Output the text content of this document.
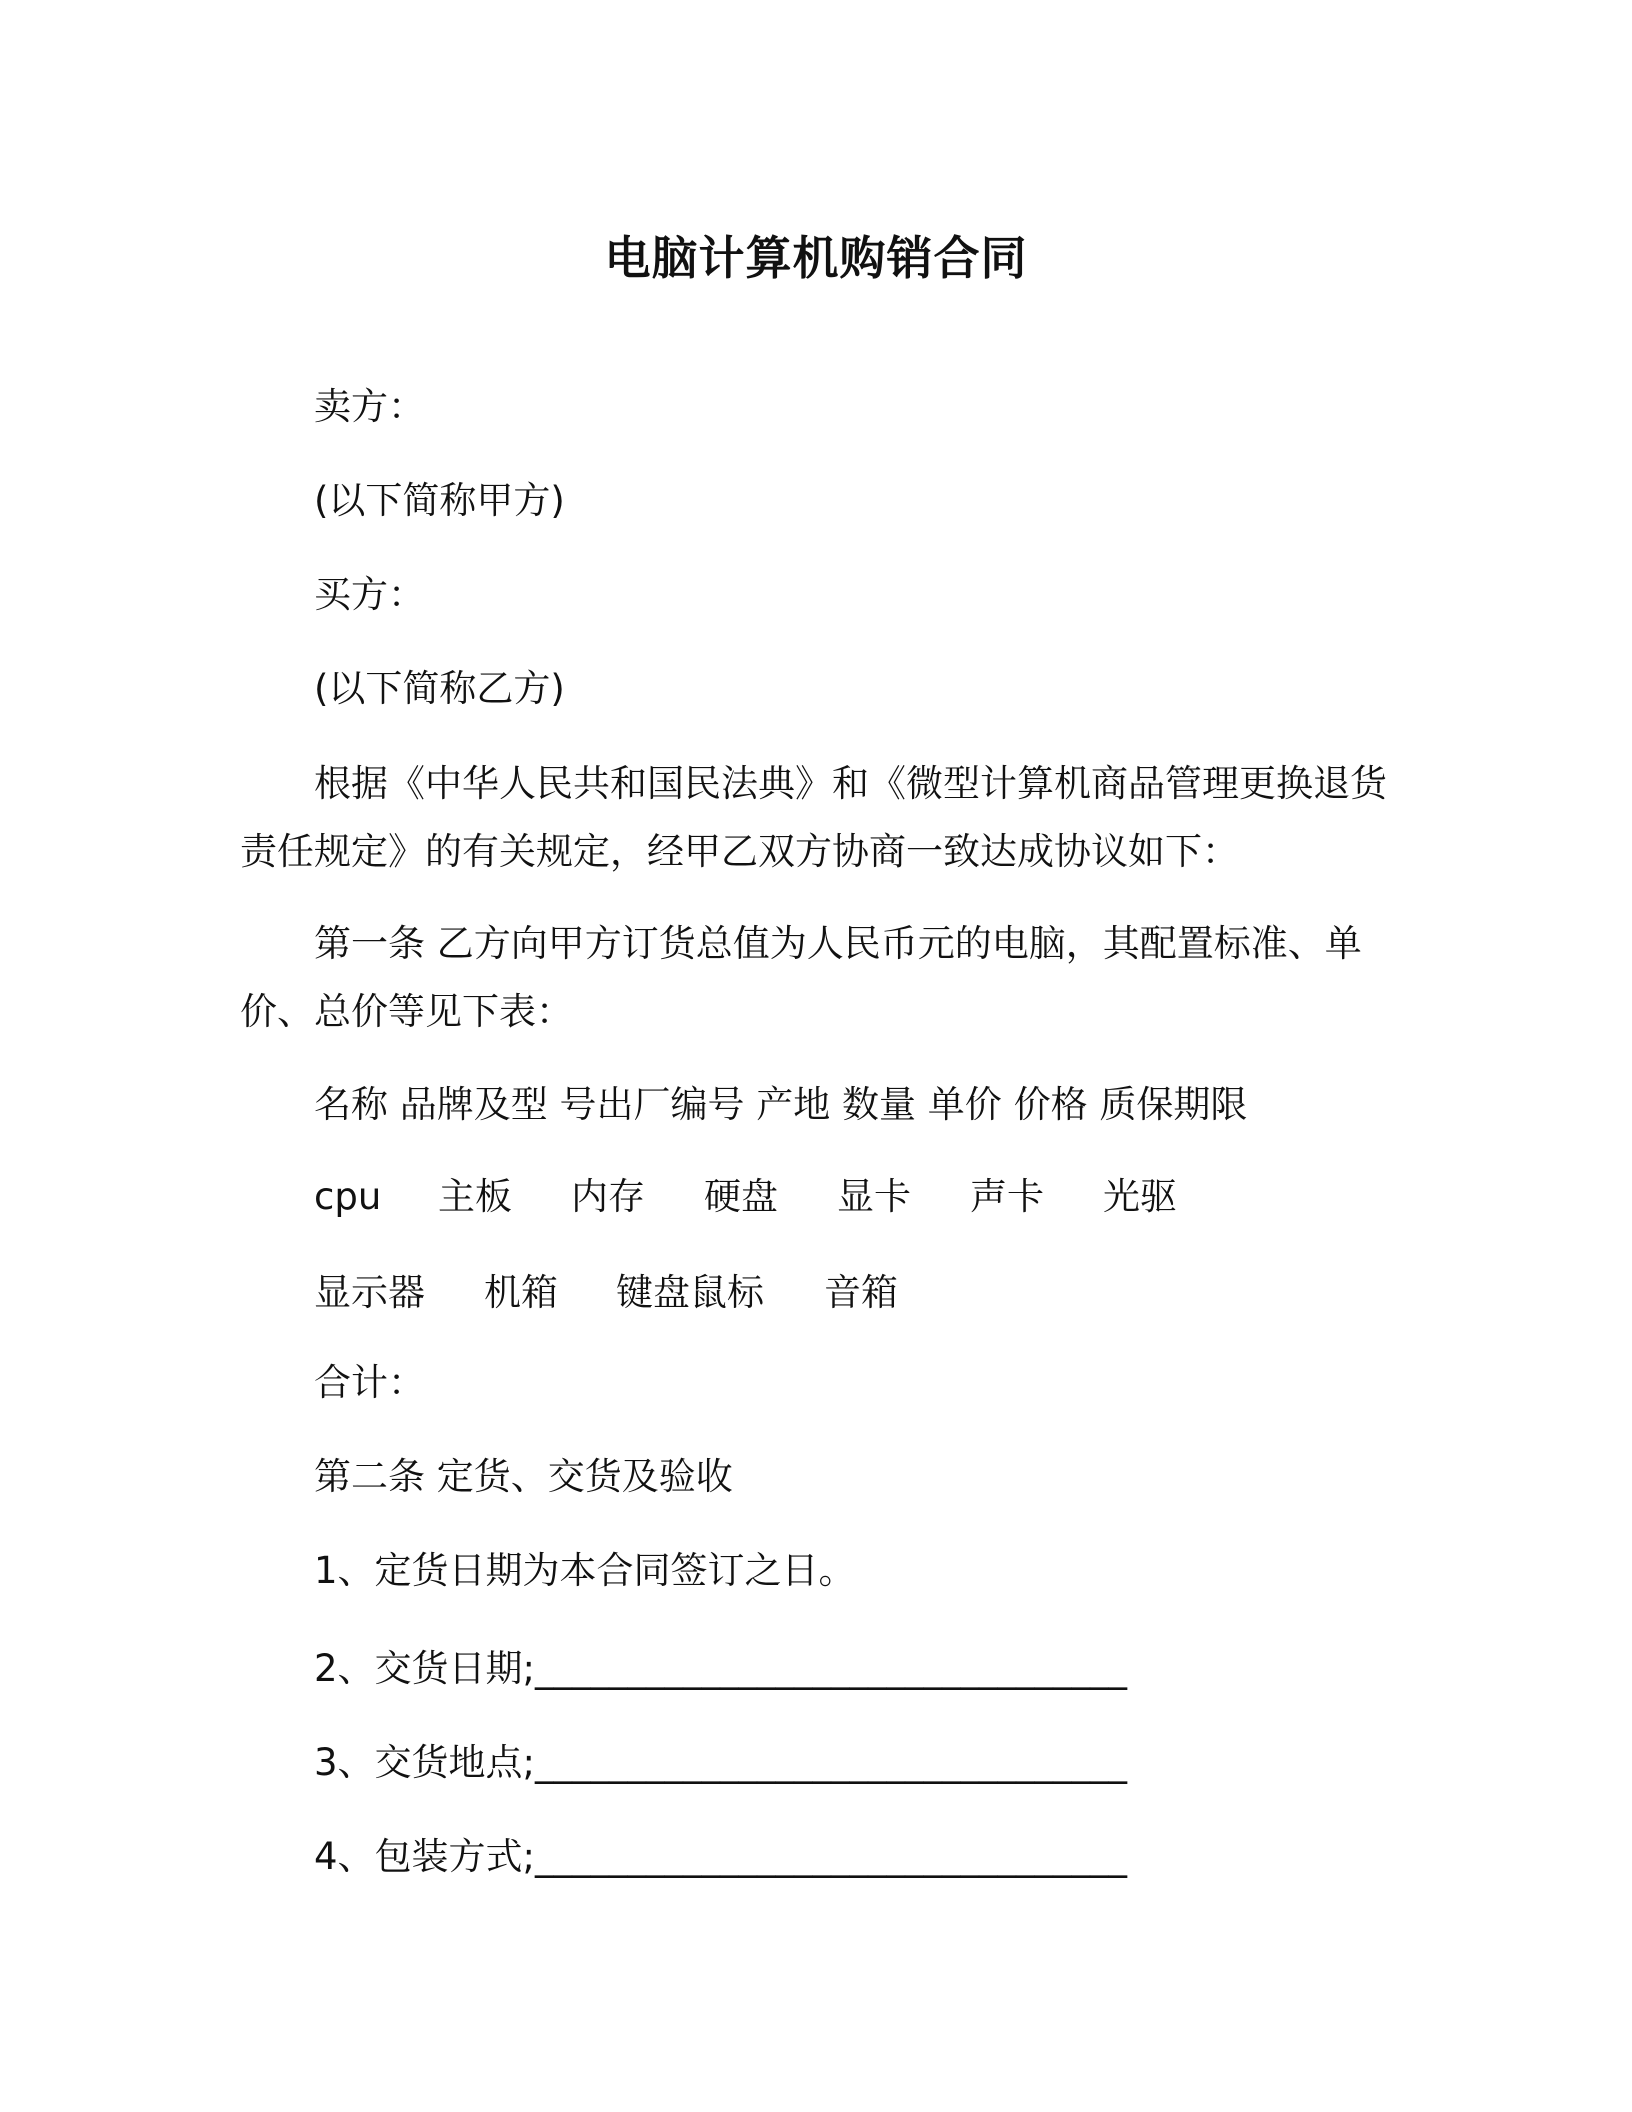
电脑计算机购销合同
卖方：
(以下简称甲方)
买方：
(以下简称乙方)
根据《中华人民共和国民法典》和《微型计算机商品管理更换退货责任规定》的有关规定，经甲乙双方协商一致达成协议如下：
第一条 乙方向甲方订货总值为人民币元的电脑，其配置标准、单价、总价等见下表：
名称 品牌及型 号出厂编号 产地 数量 单价 价格 质保期限
cpu 主板 内存 硬盘 显卡 声卡 光驱
显示器 机箱 键盘鼠标 音箱
合计：
第二条 定货、交货及验收
1、定货日期为本合同签订之日。
2、交货日期;________________________________
3、交货地点;________________________________
4、包装方式;________________________________
